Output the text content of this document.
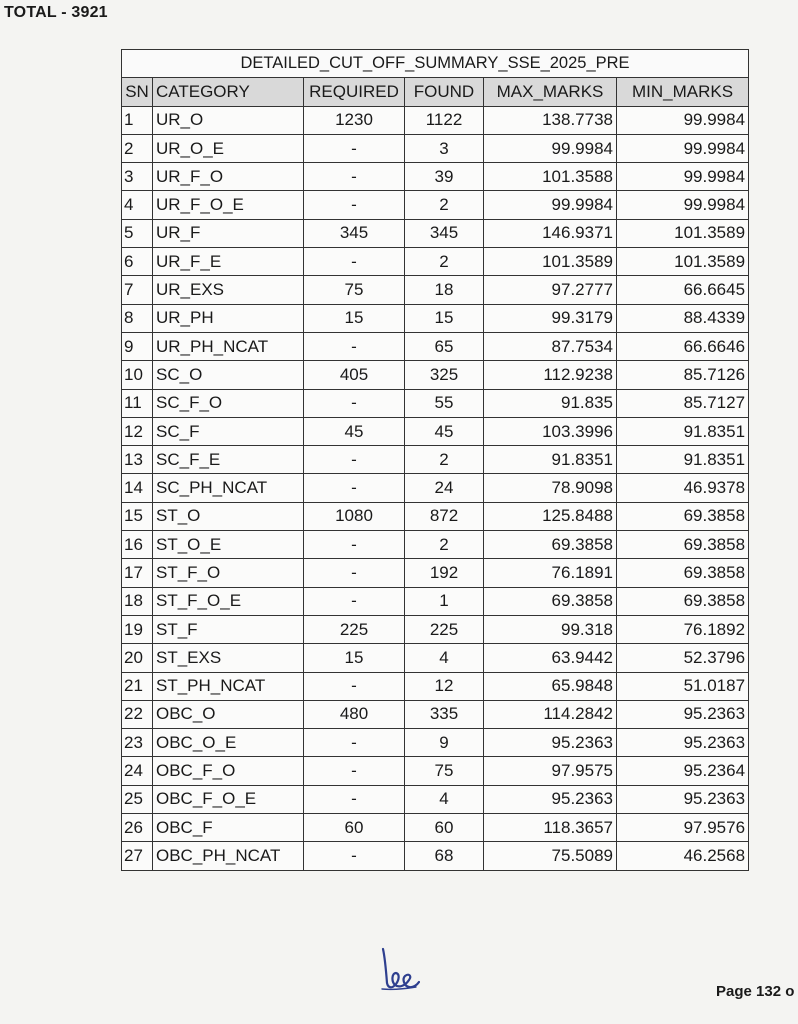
TOTAL - 3921
DETAILED_CUT_OFF_SUMMARY_SSE_2025_PRE					
SN	CATEGORY	REQUIRED	FOUND	MAX_MARKS	MIN_MARKS
1	UR_O	1230	1122	138.7738	99.9984
2	UR_O_E	-	3	99.9984	99.9984
3	UR_F_O	-	39	101.3588	99.9984
4	UR_F_O_E	-	2	99.9984	99.9984
5	UR_F	345	345	146.9371	101.3589
6	UR_F_E	-	2	101.3589	101.3589
7	UR_EXS	75	18	97.2777	66.6645
8	UR_PH	15	15	99.3179	88.4339
9	UR_PH_NCAT	-	65	87.7534	66.6646
10	SC_O	405	325	112.9238	85.7126
11	SC_F_O	-	55	91.835	85.7127
12	SC_F	45	45	103.3996	91.8351
13	SC_F_E	-	2	91.8351	91.8351
14	SC_PH_NCAT	-	24	78.9098	46.9378
15	ST_O	1080	872	125.8488	69.3858
16	ST_O_E	-	2	69.3858	69.3858
17	ST_F_O	-	192	76.1891	69.3858
18	ST_F_O_E	-	1	69.3858	69.3858
19	ST_F	225	225	99.318	76.1892
20	ST_EXS	15	4	63.9442	52.3796
21	ST_PH_NCAT	-	12	65.9848	51.0187
22	OBC_O	480	335	114.2842	95.2363
23	OBC_O_E	-	9	95.2363	95.2363
24	OBC_F_O	-	75	97.9575	95.2364
25	OBC_F_O_E	-	4	95.2363	95.2363
26	OBC_F	60	60	118.3657	97.9576
27	OBC_PH_NCAT	-	68	75.5089	46.2568
Page 132 o
